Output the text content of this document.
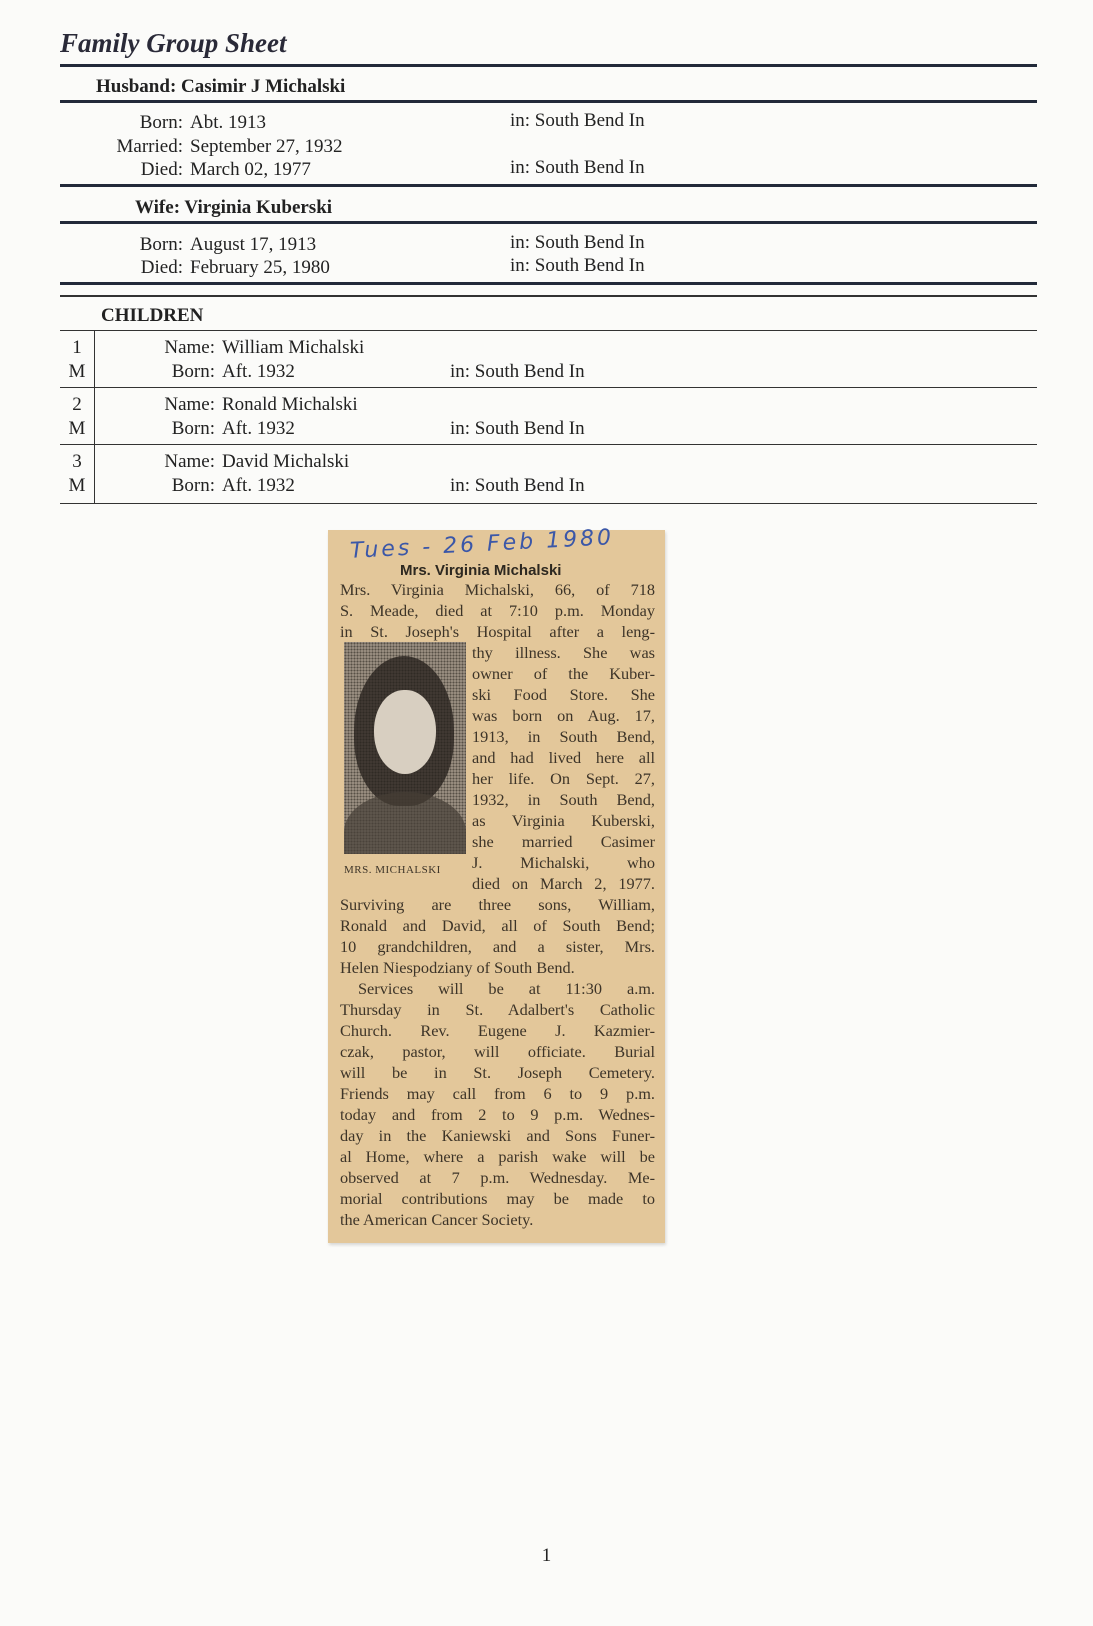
Family Group Sheet
Husband: Casimir J Michalski
Born: Abt. 1913	in: South Bend In
Married: September 27, 1932
Died: March 02, 1977	in: South Bend In
Wife: Virginia Kuberski
Born: August 17, 1913	in: South Bend In
Died: February 25, 1980	in: South Bend In
CHILDREN
1
M
Name: William Michalski
Born: Aft. 1932	in: South Bend In
2
M
Name: Ronald Michalski
Born: Aft. 1932	in: South Bend In
3
M
Name: David Michalski
Born: Aft. 1932	in: South Bend In
Tues - 26 Feb 1980
Mrs. Virginia Michalski
Mrs. Virginia Michalski, 66, of 718
S. Meade, died at 7:10 p.m. Monday
in St. Joseph's Hospital after a leng-
thy illness. She was
owner of the Kuber-
ski Food Store. She
was born on Aug. 17,
1913, in South Bend,
and had lived here all
her life. On Sept. 27,
1932, in South Bend,
as Virginia Kuberski,
she married Casimer
J. Michalski, who
MRS. MICHALSKI
died on March 2, 1977.
Surviving are three sons, William,
Ronald and David, all of South Bend;
10 grandchildren, and a sister, Mrs.
Helen Niespodziany of South Bend.
Services will be at 11:30 a.m.
Thursday in St. Adalbert's Catholic
Church. Rev. Eugene J. Kazmier-
czak, pastor, will officiate. Burial
will be in St. Joseph Cemetery.
Friends may call from 6 to 9 p.m.
today and from 2 to 9 p.m. Wednes-
day in the Kaniewski and Sons Funer-
al Home, where a parish wake will be
observed at 7 p.m. Wednesday. Me-
morial contributions may be made to
the American Cancer Society.
1
